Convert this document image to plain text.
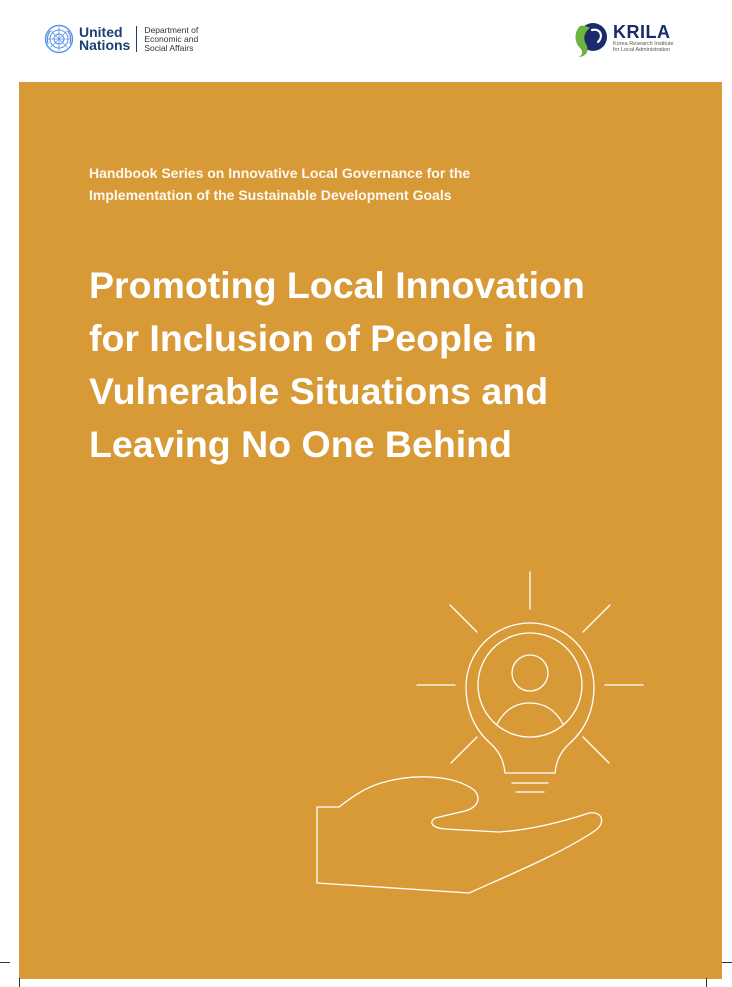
United
Nations
Department of
Economic and
Social Affairs
KRILA
Korea Research Institute
for Local Administration
Handbook Series on Innovative Local Governance for the
Implementation of the Sustainable Development Goals
Promoting Local Innovation
for Inclusion of People in
Vulnerable Situations and
Leaving No One Behind
